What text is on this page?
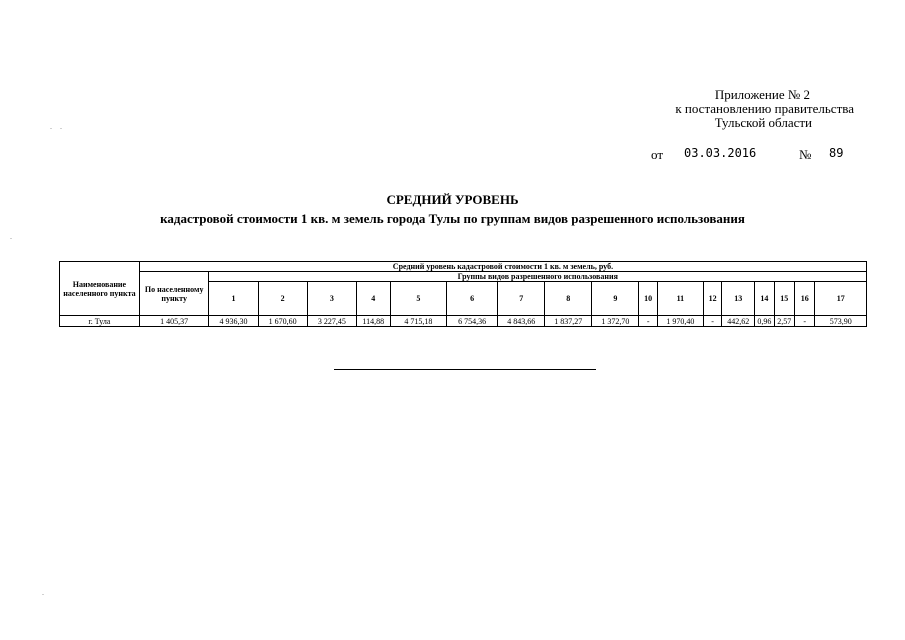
. .
.
.
Приложение № 2
к постановлению правительства
Тульской области
от 03.03.2016	№ 89
СРЕДНИЙ УРОВЕНЬ
кадастровой стоимости 1 кв. м земель города Тулы по группам видов разрешенного использования
Наименование населенного пункта	Средний уровень кадастровой стоимости 1 кв. м земель, руб.																	
	По населенному пункту	Группы видов разрешенного использования																
		1	2	3	4	5	6	7	8	9	10	11	12	13	14	15	16	17
г. Тула	1 405,37	4 936,30	1 670,60	3 227,45	114,88	4 715,18	6 754,36	4 843,66	1 837,27	1 372,70	-	1 970,40	-	442,62	0,96	2,57	-	573,90
